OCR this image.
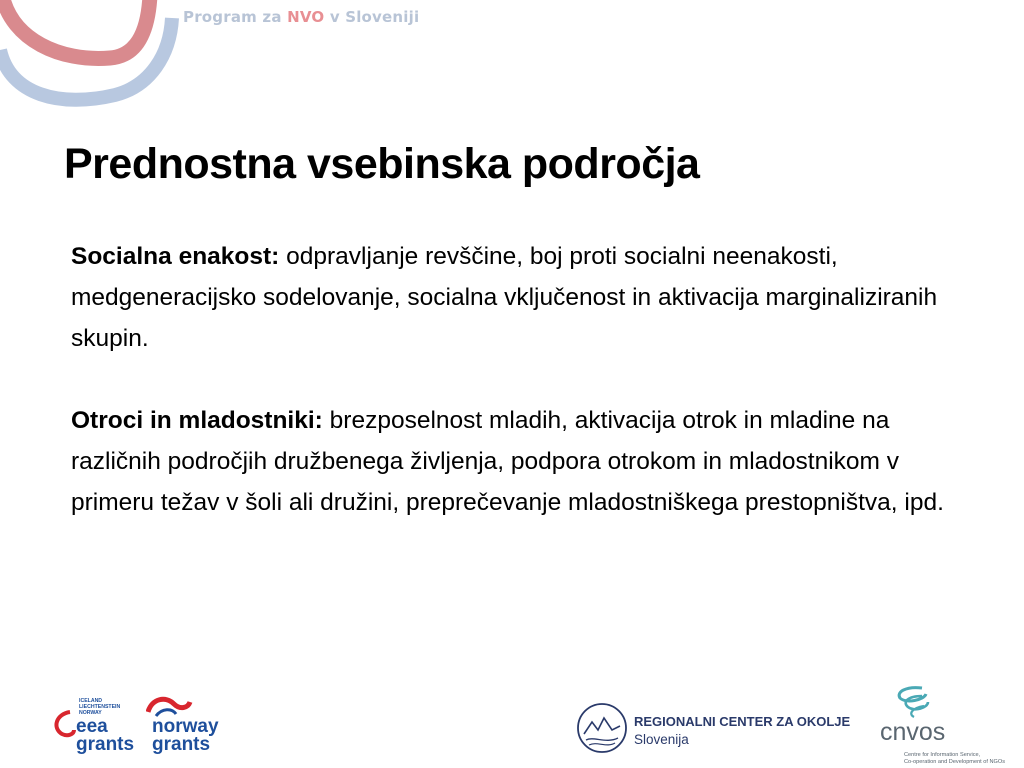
Program za NVO v Sloveniji
Prednostna vsebinska področja

Socialna enakost: odpravljanje revščine, boj proti socialni neenakosti, medgeneracijsko sodelovanje, socialna vključenost in aktivacija marginaliziranih skupin.

Otroci in mladostniki: brezposelnost mladih, aktivacija otrok in mladine na različnih področjih družbenega življenja, podpora otrokom in mladostnikom v primeru težav v šoli ali družini, preprečevanje mladostniškega prestopništva, ipd.

ICELAND
LIECHTENSTEIN
NORWAY
eea
grants
norway
grants
REGIONALNI CENTER ZA OKOLJE
Slovenija	cnvos
Centre for Information Service,
Co-operation and Development of NGOs
